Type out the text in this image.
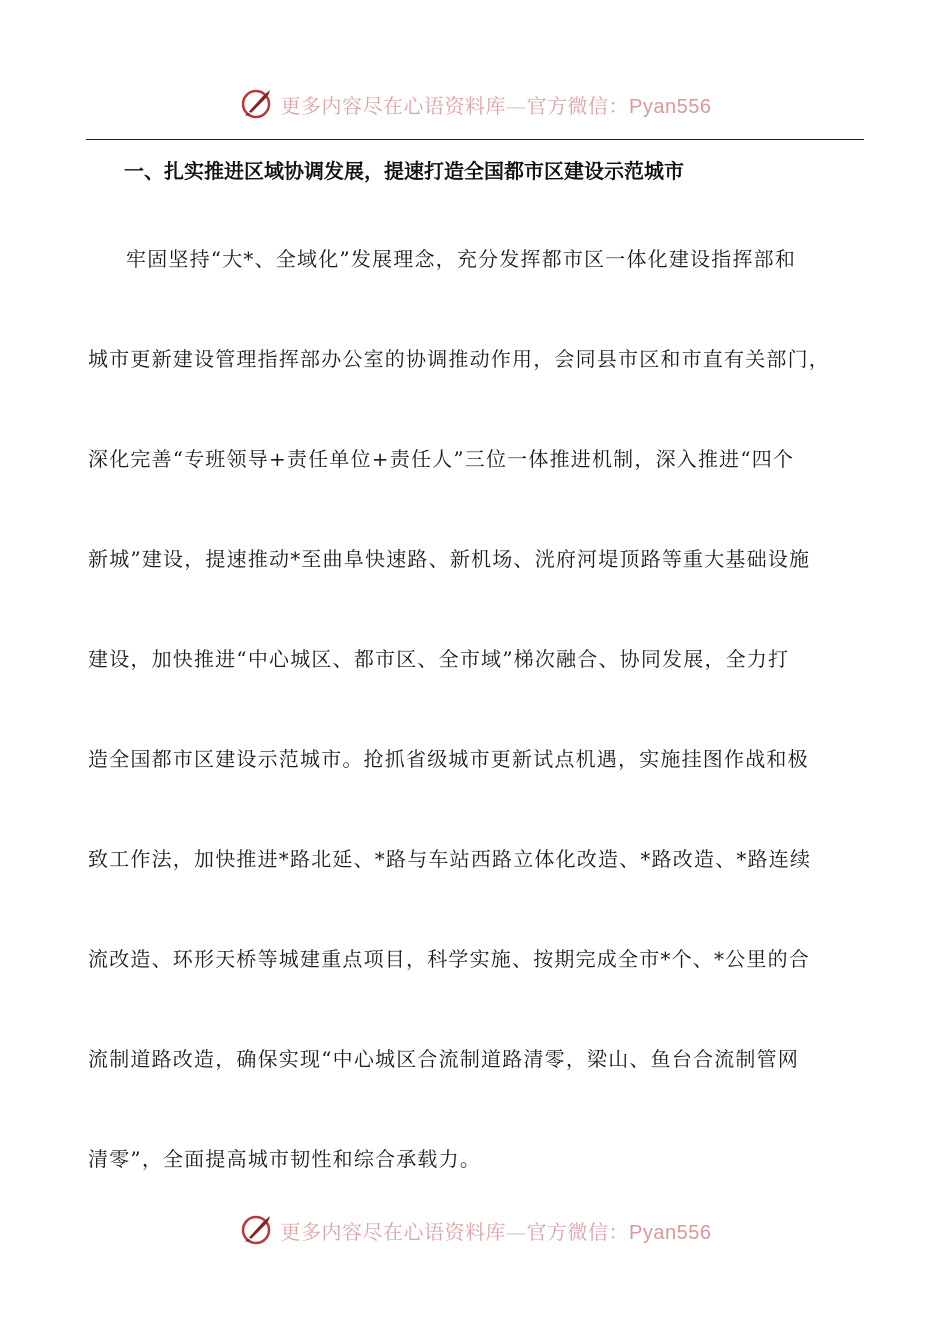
更多内容尽在心语资料库—官方微信：Pyan556
一、扎实推进区域协调发展，提速打造全国都市区建设示范城市
牢固坚持“大*、全域化”发展理念，充分发挥都市区一体化建设指挥部和
城市更新建设管理指挥部办公室的协调推动作用，会同县市区和市直有关部门，
深化完善“专班领导+责任单位+责任人”三位一体推进机制，深入推进“四个
新城”建设，提速推动*至曲阜快速路、新机场、洸府河堤顶路等重大基础设施
建设，加快推进“中心城区、都市区、全市域”梯次融合、协同发展，全力打
造全国都市区建设示范城市。抢抓省级城市更新试点机遇，实施挂图作战和极
致工作法，加快推进*路北延、*路与车站西路立体化改造、*路改造、*路连续
流改造、环形天桥等城建重点项目，科学实施、按期完成全市*个、*公里的合
流制道路改造，确保实现“中心城区合流制道路清零，梁山、鱼台合流制管网
清零”，全面提高城市韧性和综合承载力。
更多内容尽在心语资料库—官方微信：Pyan556
